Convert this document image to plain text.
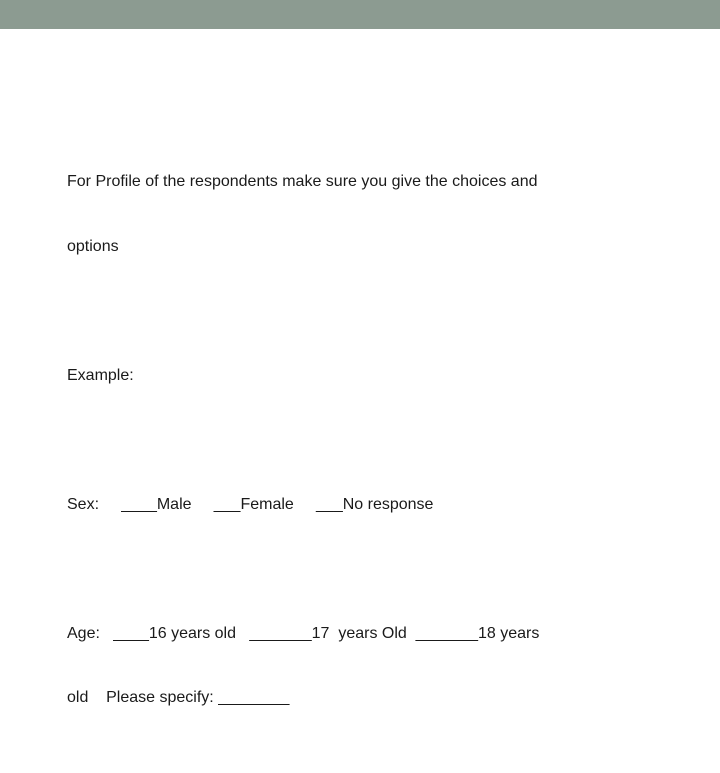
For Profile of the respondents make sure you give the choices and

options

Example:

Sex:     ____Male     ___Female     ___No response

Age:   ____16 years old   _______17  years Old  _______18 years

old    Please specify: ________
